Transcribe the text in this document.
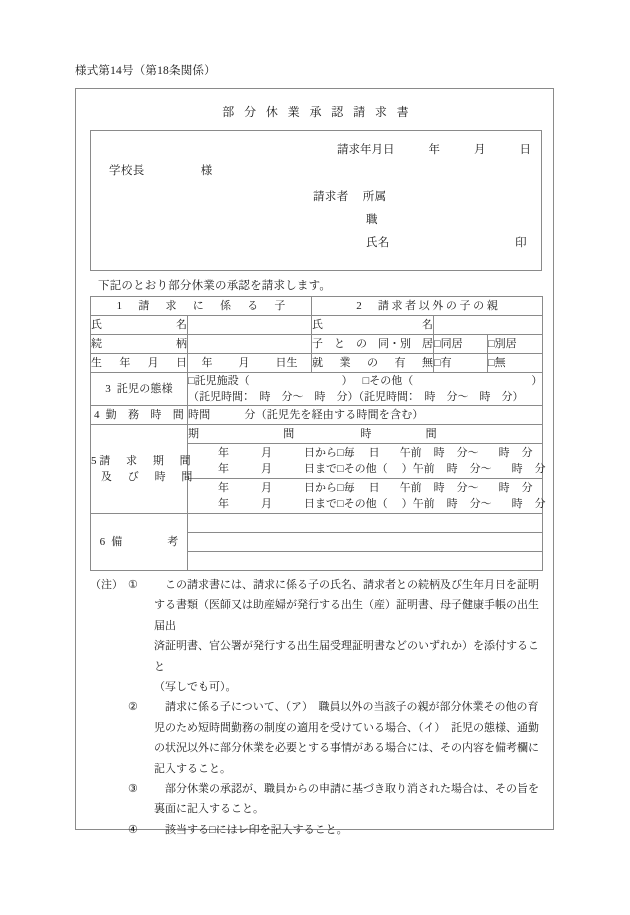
様式第14号（第18条関係）
部 分 休 業 承 認 請 求 書
請求年月日	年	月	日
学校長	様
請求者 所属
職
氏名	印
下記のとおり部分休業の承認を請求します。
1　請　求　に　係　る　子		2　請求者以外の子の親		

氏　　　　　名		氏　　　　　　　名		

続　　　　　柄		子　と　の　同・別　居	□同居	□別居

生　年　月　日	年 月 日生	就　業　の　有　無	□有	□無
3 託児の態様	□託児施設（ ） □その他（ ）
（託児時間：　時　分～　時　分）（託児時間：　時　分～　時　分）			

4 勤　務　時　間	時間 分（託児先を経由する時間を含む）			
5 請　求　期　間
及　び　時　間	期 間 時 間			

	年 月 日から□毎 日 午前 時 分～ 時 分
年 月 日まで□その他（ ）午前 時 分～ 時 分			

	年 月 日から□毎 日 午前 時 分～ 時 分
年 月 日まで□その他（ ）午前 時 分～ 時 分			

6 備　　　　考				

（注） ①	この請求書には、請求に係る子の氏名、請求者との続柄及び生年月日を証明

する書類（医師又は助産婦が発行する出生（産）証明書、母子健康手帳の出生届出

済証明書、官公署が発行する出生届受理証明書などのいずれか）を添付すること

（写しでも可）。

②	請求に係る子について、（ア）　職員以外の当該子の親が部分休業その他の育

児のため短時間勤務の制度の適用を受けている場合、（イ）　託児の態様、通勤

の状況以外に部分休業を必要とする事情がある場合には、その内容を備考欄に

記入すること。

③	部分休業の承認が、職員からの申請に基づき取り消された場合は、その旨を

裏面に記入すること。

④	該当する□にはレ印を記入すること。
